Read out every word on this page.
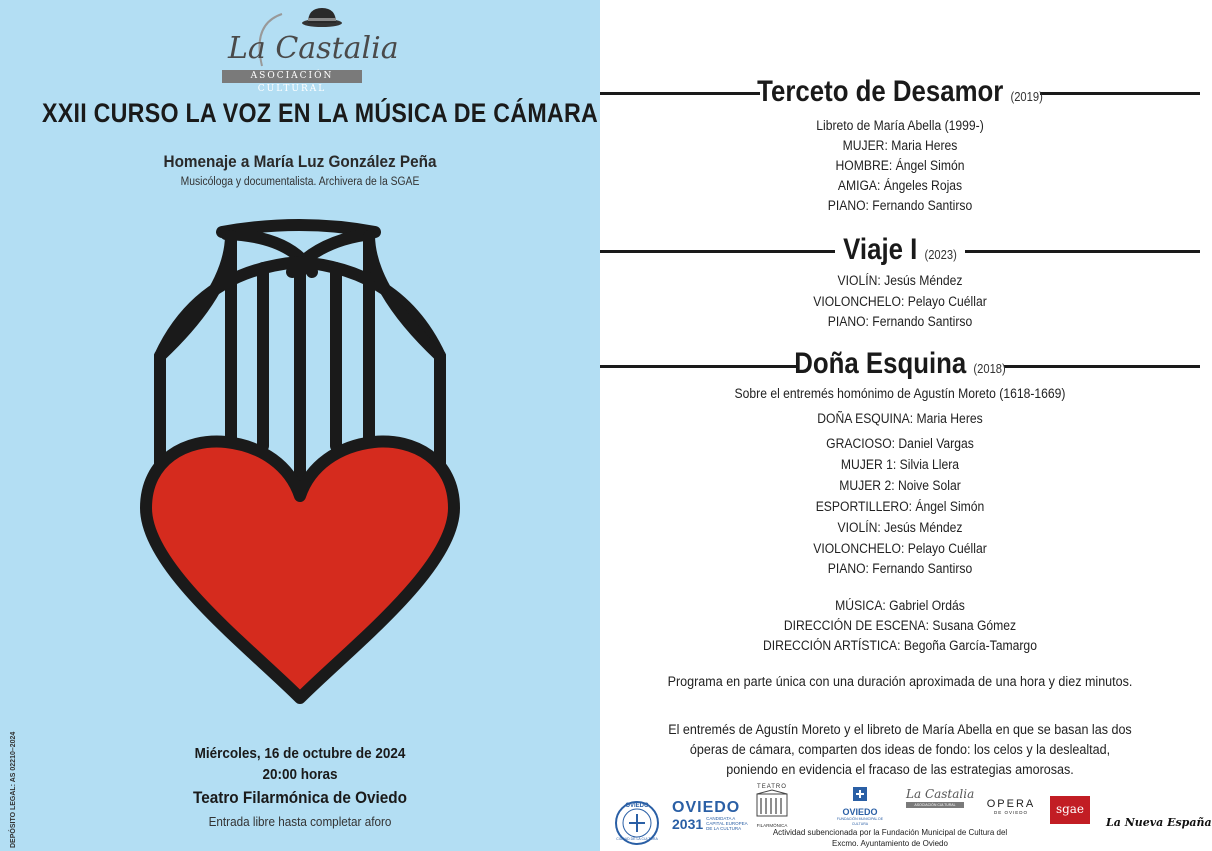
La Castalia
ASOCIACIÓN CULTURAL
XXII CURSO LA VOZ EN LA MÚSICA DE CÁMARA
Homenaje a María Luz González Peña
Musicóloga y documentalista. Archivera de la SGAE
Miércoles, 16 de octubre de 2024
20:00 horas
Teatro Filarmónica de Oviedo
Entrada libre hasta completar aforo
DEPÓSITO LEGAL: AS 02210–2024
Terceto de Desamor (2019)
Libreto de María Abella (1999-)
MUJER: Maria Heres
HOMBRE: Ángel Simón
AMIGA: Ángeles Rojas
PIANO: Fernando Santirso
Viaje I (2023)
VIOLÍN: Jesús Méndez
VIOLONCHELO: Pelayo Cuéllar
PIANO: Fernando Santirso
Doña Esquina (2018)
Sobre el entremés homónimo de Agustín Moreto (1618-1669)
DOÑA ESQUINA: Maria Heres
GRACIOSO: Daniel Vargas
MUJER 1: Silvia Llera
MUJER 2: Noive Solar
ESPORTILLERO: Ángel Simón
VIOLÍN: Jesús Méndez
VIOLONCHELO: Pelayo Cuéllar
PIANO: Fernando Santirso
MÚSICA: Gabriel Ordás
DIRECCIÓN DE ESCENA: Susana Gómez
DIRECCIÓN ARTÍSTICA: Begoña García-Tamargo
Programa en parte única con una duración aproximada de una hora y diez minutos.
El entremés de Agustín Moreto y el libreto de María Abella en que se basan las dos
óperas de cámara, comparten dos ideas de fondo: los celos y la deslealtad,
poniendo en evidencia el fracaso de las estrategias amorosas.
OVIEDO
CIUDAD DE LA CULTURA
OVIEDO
2031 CANDIDATA A CAPITAL EUROPEA DE LA CULTURA
TEATRO
FILARMÓNICA
OVIEDO
FUNDACIÓN MUNICIPAL DE CULTURA
La Castalia
ASOCIACIÓN CULTURAL	OPERA
DE OVIEDO	sgae
La Nueva España
Actividad subencionada por la Fundación Municipal de Cultura del
Excmo. Ayuntamiento de Oviedo
